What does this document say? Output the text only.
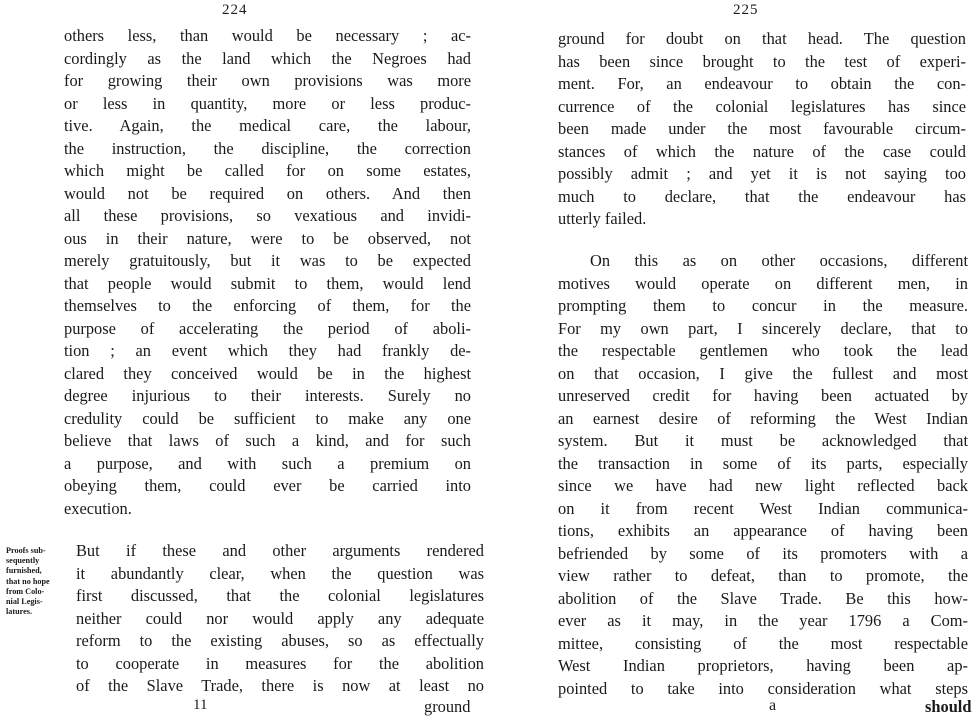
224
others less, than would be necessary ; ac-
cordingly as the land which the Negroes had
for growing their own provisions was more
or less in quantity, more or less produc-
tive. Again, the medical care, the labour,
the instruction, the discipline, the correction
which might be called for on some estates,
would not be required on others. And then
all these provisions, so vexatious and invidi-
ous in their nature, were to be observed, not
merely gratuitously, but it was to be expected
that people would submit to them, would lend
themselves to the enforcing of them, for the
purpose of accelerating the period of aboli-
tion ; an event which they had frankly de-
clared they conceived would be in the highest
degree injurious to their interests. Surely no
credulity could be sufficient to make any one
believe that laws of such a kind, and for such
a purpose, and with such a premium on
obeying them, could ever be carried into
execution.
Proofs sub-
sequently
furnished,
that no hope
from Colo-
nial Legis-
latures.
But if these and other arguments rendered
it abundantly clear, when the question was
first discussed, that the colonial legislatures
neither could nor would apply any adequate
reform to the existing abuses, so as effectually
to cooperate in measures for the abolition
of the Slave Trade, there is now at least no
11	ground
225
ground for doubt on that head. The question
has been since brought to the test of experi-
ment. For, an endeavour to obtain the con-
currence of the colonial legislatures has since
been made under the most favourable circum-
stances of which the nature of the case could
possibly admit ; and yet it is not saying too
much to declare, that the endeavour has
utterly failed.
On this as on other occasions, different
motives would operate on different men, in
prompting them to concur in the measure.
For my own part, I sincerely declare, that to
the respectable gentlemen who took the lead
on that occasion, I give the fullest and most
unreserved credit for having been actuated by
an earnest desire of reforming the West Indian
system. But it must be acknowledged that
the transaction in some of its parts, especially
since we have had new light reflected back
on it from recent West Indian communica-
tions, exhibits an appearance of having been
befriended by some of its promoters with a
view rather to defeat, than to promote, the
abolition of the Slave Trade. Be this how-
ever as it may, in the year 1796 a Com-
mittee, consisting of the most respectable
West Indian proprietors, having been ap-
pointed to take into consideration what steps
a	should
